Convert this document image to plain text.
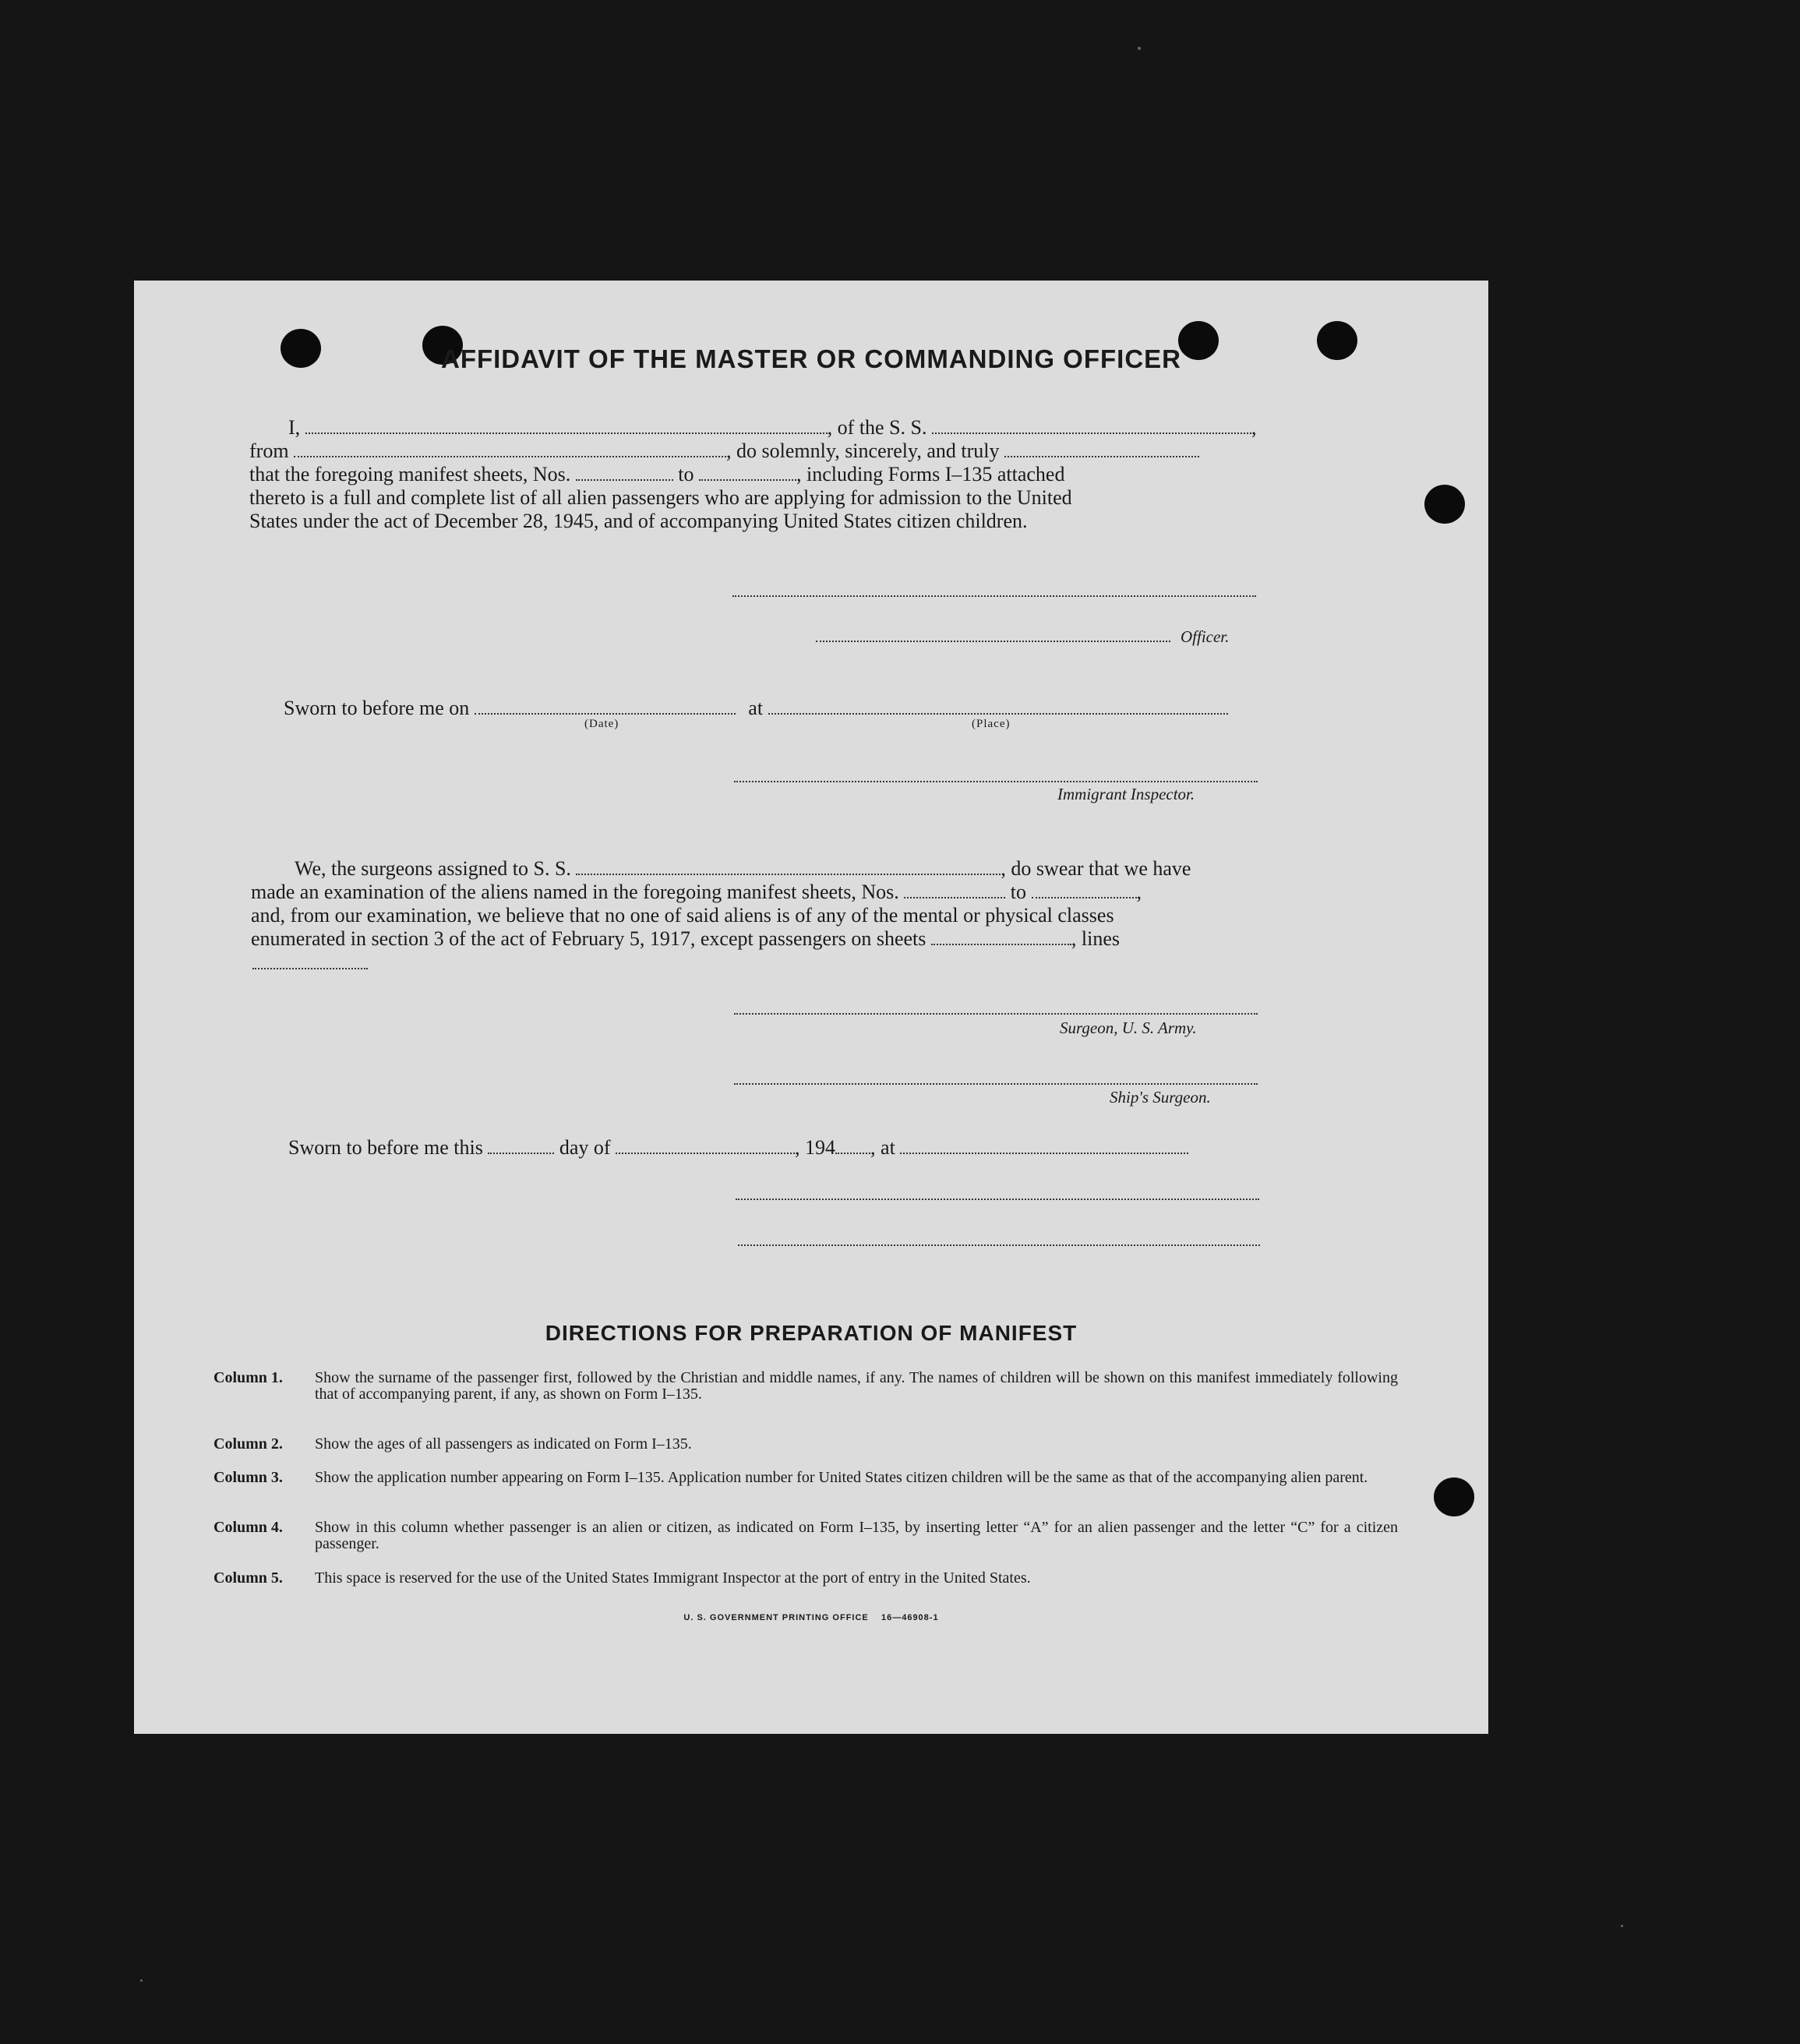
AFFIDAVIT OF THE MASTER OR COMMANDING OFFICER
I,	, of the S. S.	,
from	, do solemnly, sincerely, and truly
that the foregoing manifest sheets, Nos.	to	, including Forms I–135 attached
thereto is a full and complete list of all alien passengers who are applying for admission to the United
States under the act of December 28, 1945, and of accompanying United States citizen children.
Officer.
Sworn to before me on	at
(Date)	(Place)
Immigrant Inspector.
We, the surgeons assigned to S. S.	, do swear that we have
made an examination of the aliens named in the foregoing manifest sheets, Nos.	to	,
and, from our examination, we believe that no one of said aliens is of any of the mental or physical classes
enumerated in section 3 of the act of February 5, 1917, except passengers on sheets	, lines
Surgeon, U. S. Army.
Ship's Surgeon.
Sworn to before me this	day of	, 194 , at
DIRECTIONS FOR PREPARATION OF MANIFEST
Column 1. Show the surname of the passenger first, followed by the Christian and middle names, if any. The names of children will be shown on this manifest immediately following that of accompanying parent, if any, as shown on Form I–135.
Column 2. Show the ages of all passengers as indicated on Form I–135.
Column 3. Show the application number appearing on Form I–135. Application number for United States citizen children will be the same as that of the accompanying alien parent.
Column 4. Show in this column whether passenger is an alien or citizen, as indicated on Form I–135, by inserting letter “A” for an alien passenger and the letter “C” for a citizen passenger.
Column 5. This space is reserved for the use of the United States Immigrant Inspector at the port of entry in the United States.
U. S. GOVERNMENT PRINTING OFFICE    16—46908-1
